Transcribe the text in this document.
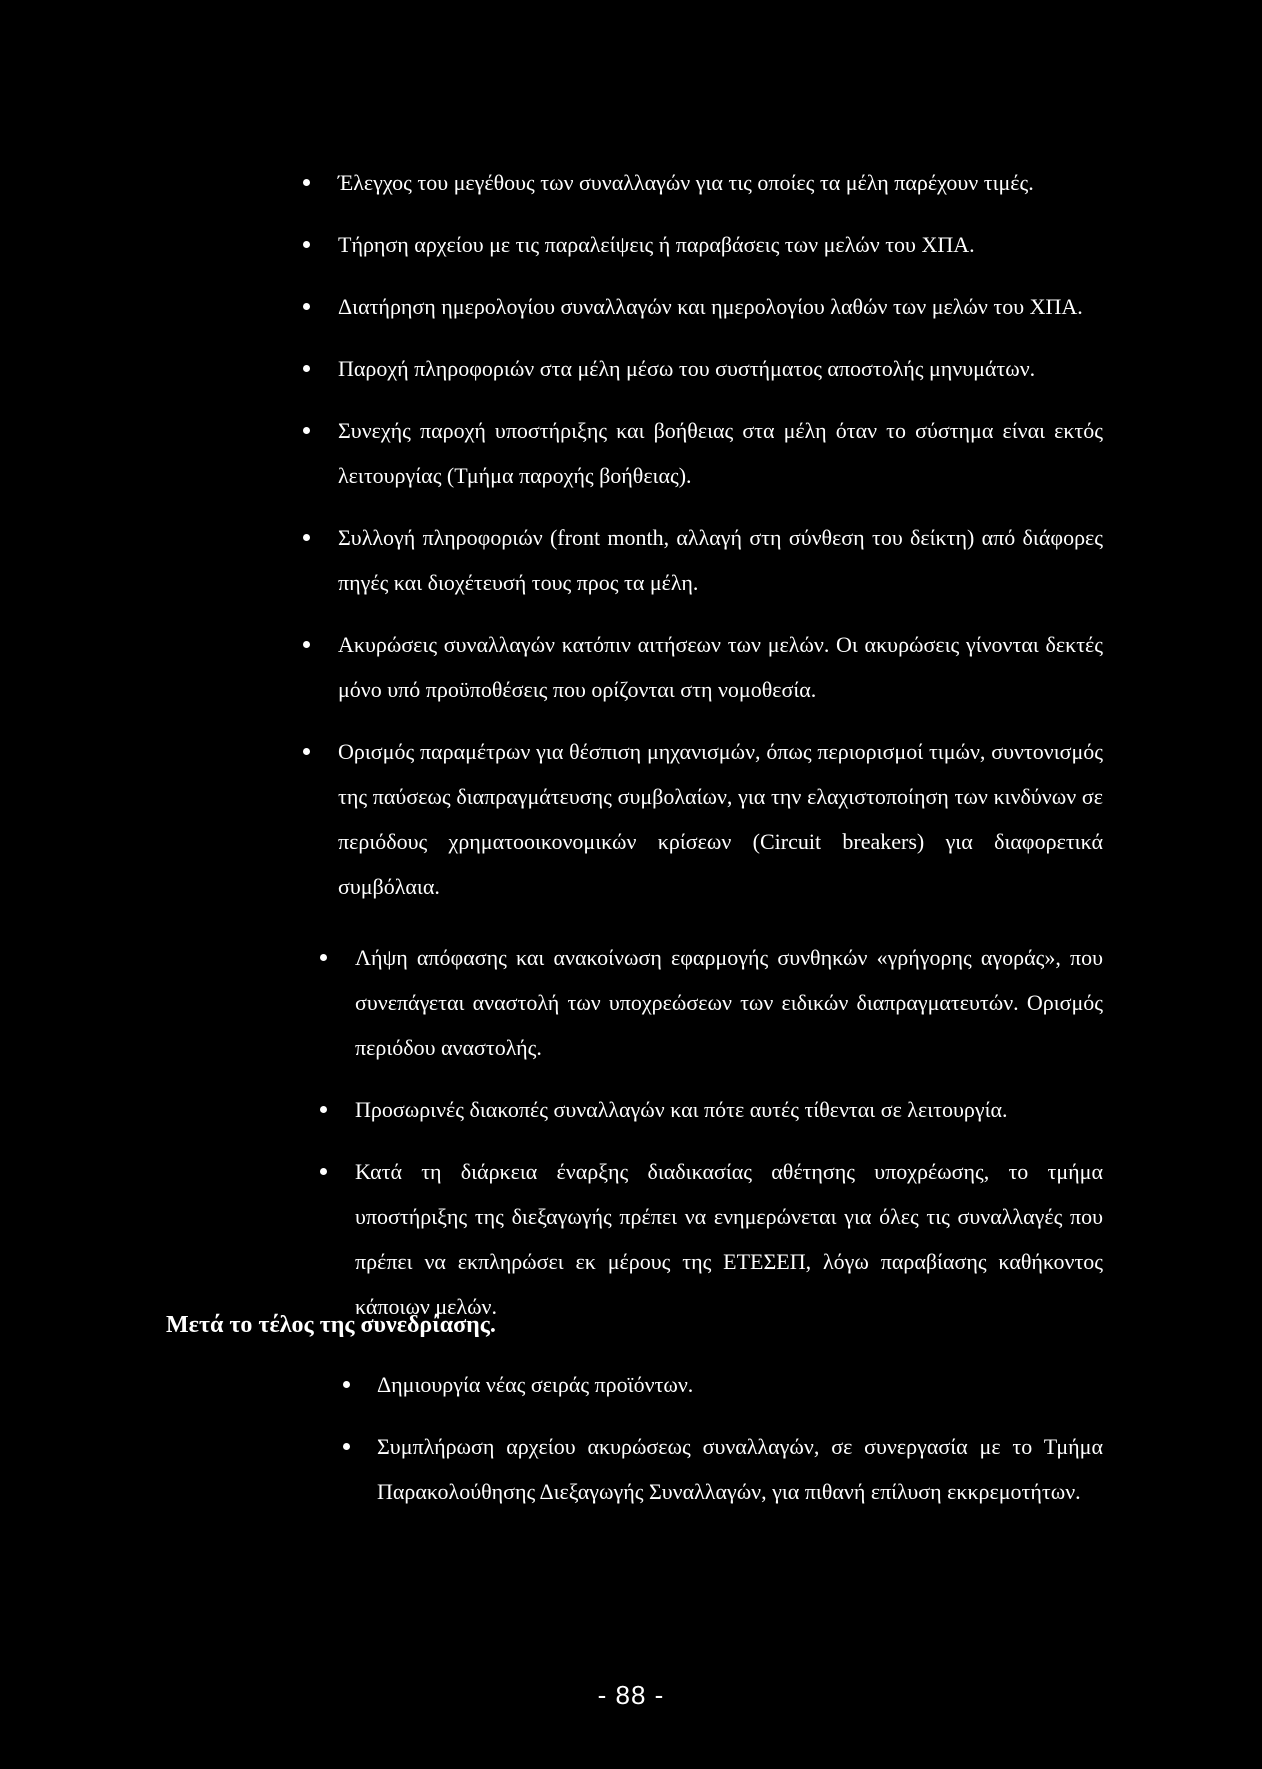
Έλεγχος του μεγέθους των συναλλαγών για τις οποίες τα μέλη παρέχουν τιμές.
Τήρηση αρχείου με τις παραλείψεις ή παραβάσεις των μελών του ΧΠΑ.
Διατήρηση ημερολογίου συναλλαγών και ημερολογίου λαθών των μελών του ΧΠΑ.
Παροχή πληροφοριών στα μέλη μέσω του συστήματος αποστολής μηνυμάτων.
Συνεχής παροχή υποστήριξης και βοήθειας στα μέλη όταν το σύστημα είναι εκτός λειτουργίας (Τμήμα παροχής βοήθειας).
Συλλογή πληροφοριών (front month, αλλαγή στη σύνθεση του δείκτη) από διάφορες πηγές και διοχέτευσή τους προς τα μέλη.
Ακυρώσεις συναλλαγών κατόπιν αιτήσεων των μελών. Οι ακυρώσεις γίνονται δεκτές μόνο υπό προϋποθέσεις που ορίζονται στη νομοθεσία.
Ορισμός παραμέτρων για θέσπιση μηχανισμών, όπως περιορισμοί τιμών, συντονισμός της παύσεως διαπραγμάτευσης συμβολαίων, για την ελαχιστοποίηση των κινδύνων σε περιόδους χρηματοοικονομικών κρίσεων (Circuit breakers) για διαφορετικά συμβόλαια.
Λήψη απόφασης και ανακοίνωση εφαρμογής συνθηκών «γρήγορης αγοράς», που συνεπάγεται αναστολή των υποχρεώσεων των ειδικών διαπραγματευτών. Ορισμός περιόδου αναστολής.
Προσωρινές διακοπές συναλλαγών και πότε αυτές τίθενται σε λειτουργία.
Κατά τη διάρκεια έναρξης διαδικασίας αθέτησης υποχρέωσης, το τμήμα υποστήριξης της διεξαγωγής πρέπει να ενημερώνεται για όλες τις συναλλαγές που πρέπει να εκπληρώσει εκ μέρους της ΕΤΕΣΕΠ, λόγω παραβίασης καθήκοντος κάποιων μελών.
Μετά το τέλος της συνεδρίασης.
Δημιουργία νέας σειράς προϊόντων.
Συμπλήρωση αρχείου ακυρώσεως συναλλαγών, σε συνεργασία με το Τμήμα Παρακολούθησης Διεξαγωγής Συναλλαγών, για πιθανή επίλυση εκκρεμοτήτων.
- 88 -
